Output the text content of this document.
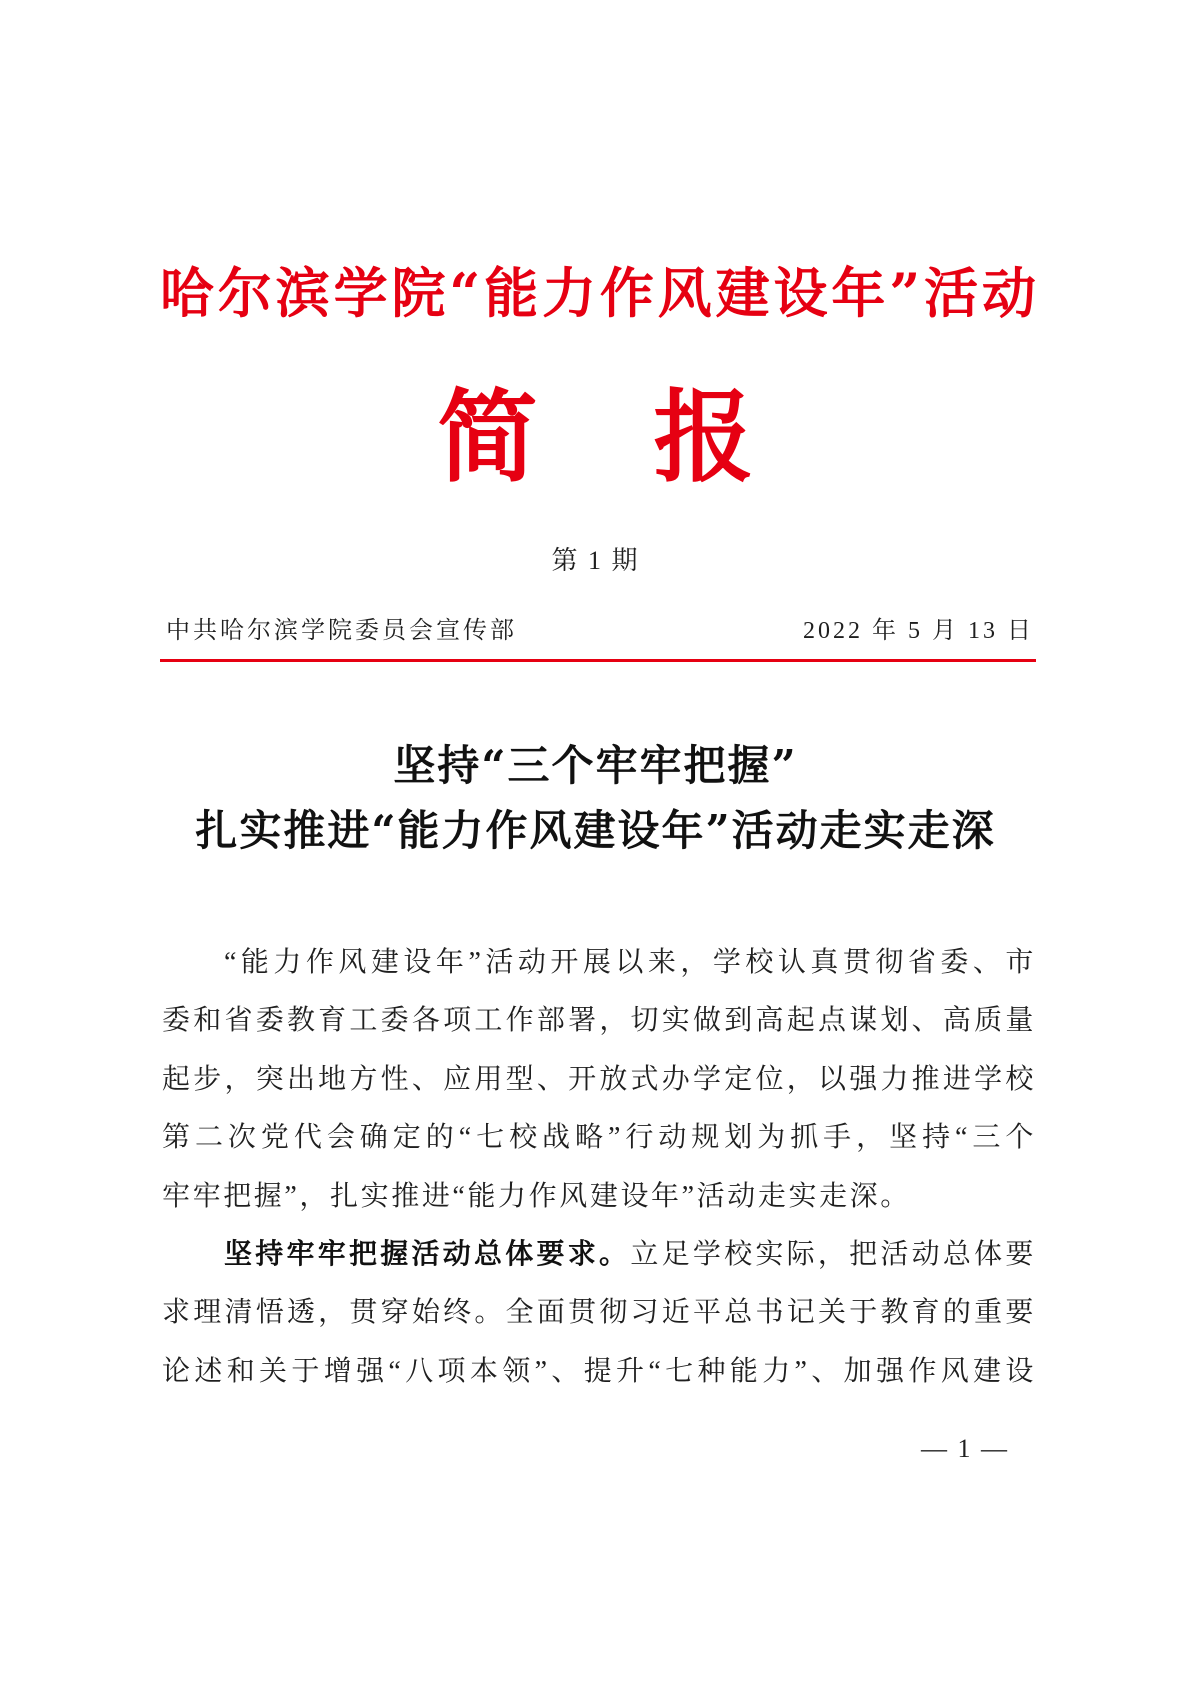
哈尔滨学院“能力作风建设年”活动
简 报
第 1 期
中共哈尔滨学院委员会宣传部	2022 年 5 月 13 日
坚持“三个牢牢把握”
扎实推进“能力作风建设年”活动走实走深
“能力作风建设年”活动开展以来，学校认真贯彻省委、市
委和省委教育工委各项工作部署，切实做到高起点谋划、高质量
起步，突出地方性、应用型、开放式办学定位，以强力推进学校
第二次党代会确定的“七校战略”行动规划为抓手，坚持“三个
牢牢把握”，扎实推进“能力作风建设年”活动走实走深。
坚持牢牢把握活动总体要求。立足学校实际，把活动总体要
求理清悟透，贯穿始终。全面贯彻习近平总书记关于教育的重要
论述和关于增强“八项本领”、提升“七种能力”、加强作风建设
— 1 —
